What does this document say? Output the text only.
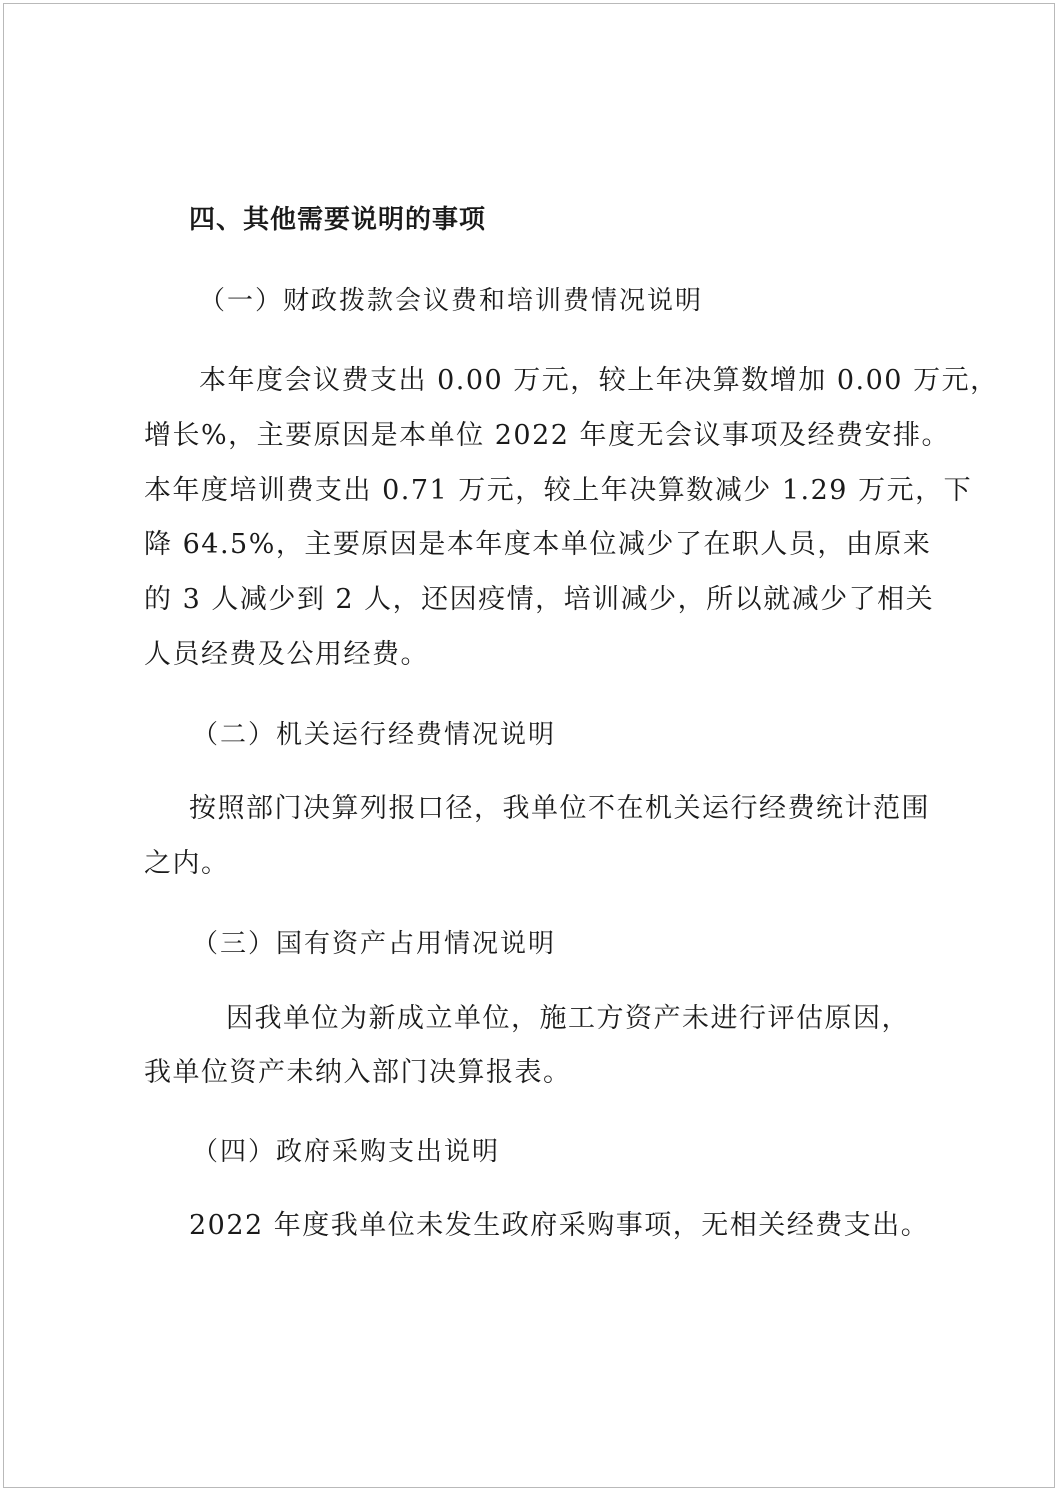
四、其他需要说明的事项
（一）财政拨款会议费和培训费情况说明
本年度会议费支出 0.00 万元，较上年决算数增加 0.00 万元，
增长%，主要原因是本单位 2022 年度无会议事项及经费安排。
本年度培训费支出 0.71 万元，较上年决算数减少 1.29 万元，下
降 64.5%，主要原因是本年度本单位减少了在职人员，由原来
的 3 人减少到 2 人，还因疫情，培训减少，所以就减少了相关
人员经费及公用经费。
（二）机关运行经费情况说明
按照部门决算列报口径，我单位不在机关运行经费统计范围
之内。
（三）国有资产占用情况说明
因我单位为新成立单位，施工方资产未进行评估原因，
我单位资产未纳入部门决算报表。
（四）政府采购支出说明
2022 年度我单位未发生政府采购事项，无相关经费支出。
